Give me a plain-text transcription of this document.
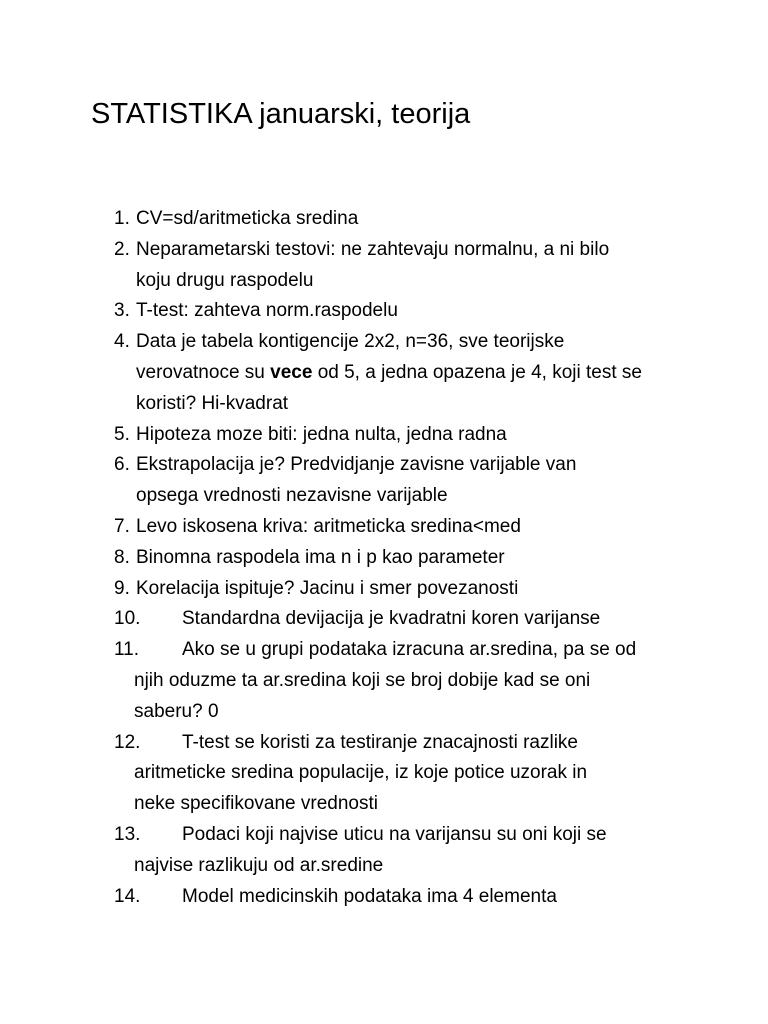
STATISTIKA januarski, teorija
1. CV=sd/aritmeticka sredina

2. Neparametarski testovi: ne zahtevaju normalnu, a ni bilo

koju drugu raspodelu

3. T-test: zahteva norm.raspodelu

4. Data je tabela kontigencije 2x2, n=36, sve teorijske

verovatnoce su vece od 5, a jedna opazena je 4, koji test se

koristi? Hi-kvadrat

5. Hipoteza moze biti: jedna nulta, jedna radna

6. Ekstrapolacija je? Predvidjanje zavisne varijable van

opsega vrednosti nezavisne varijable

7. Levo iskosena kriva: aritmeticka sredina<med

8. Binomna raspodela ima n i p kao parameter

9. Korelacija ispituje? Jacinu i smer povezanosti

10.	Standardna devijacija je kvadratni koren varijanse

11.	Ako se u grupi podataka izracuna ar.sredina, pa se od

njih oduzme ta ar.sredina koji se broj dobije kad se oni

saberu? 0

12.	T-test se koristi za testiranje znacajnosti razlike

aritmeticke sredina populacije, iz koje potice uzorak in

neke specifikovane vrednosti

13.	Podaci koji najvise uticu na varijansu su oni koji se

najvise razlikuju od ar.sredine

14.	Model medicinskih podataka ima 4 elementa
